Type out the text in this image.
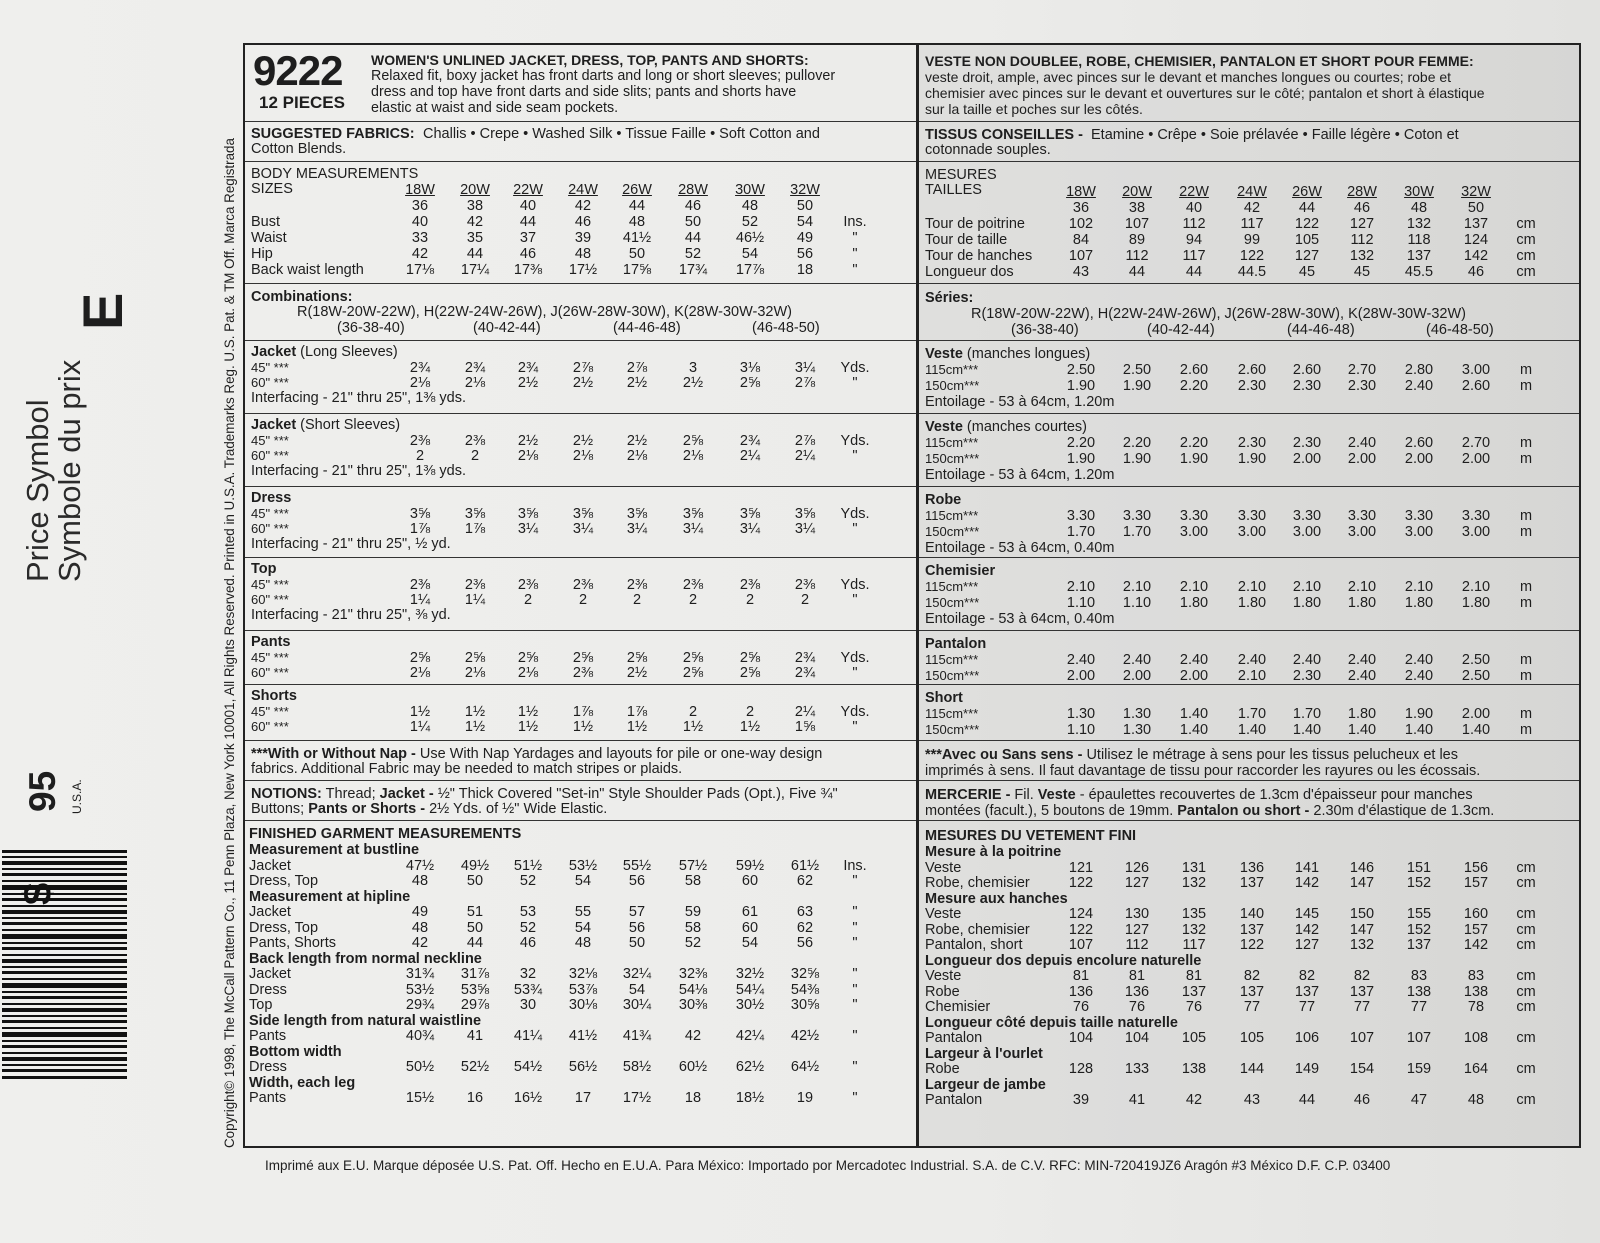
Price Symbol
Symbole du prix
E
95 U.S.A.
$	Copyright© 1998, The McCall Pattern Co., 11 Penn Plaza, New York 10001, All Rights Reserved. Printed in U.S.A. Trademarks Reg. U.S. Pat. & TM Off. Marca Registrada
9222
12 PIECES
WOMEN'S UNLINED JACKET, DRESS, TOP, PANTS AND SHORTS:
Relaxed fit, boxy jacket has front darts and long or short sleeves; pullover
dress and top have front darts and side slits; pants and shorts have
elastic at waist and side seam pockets.
SUGGESTED FABRICS: Challis • Crepe • Washed Silk • Tissue Faille • Soft Cotton and
Cotton Blends.
BODY MEASUREMENTS
SIZES	18W	20W	22W	24W	26W	28W	30W	32W
36	38	40	42	44	46	48	50
Bust	40	42	44	46	48	50	52	54	Ins.
Waist	33	35	37	39	41½	44	46½	49	"
Hip	42	44	46	48	50	52	54	56	"
Back waist length	17⅛	17¼	17⅜	17½	17⅝	17¾	17⅞	18	"
Combinations:
R(18W-20W-22W), H(22W-24W-26W), J(26W-28W-30W), K(28W-30W-32W)
(36-38-40)	(40-42-44)	(44-46-48)	(46-48-50)
Jacket (Long Sleeves)
45" ***	2¾	2¾	2¾	2⅞	2⅞	3	3⅛	3¼	Yds.
60" ***	2⅛	2⅛	2½	2½	2½	2½	2⅝	2⅞	"
Interfacing - 21" thru 25", 1⅜ yds.
Jacket (Short Sleeves)
45" ***	2⅜	2⅜	2½	2½	2½	2⅝	2¾	2⅞	Yds.
60" ***	2	2	2⅛	2⅛	2⅛	2⅛	2¼	2¼	"
Interfacing - 21" thru 25", 1⅜ yds.
Dress
45" ***	3⅝	3⅝	3⅝	3⅝	3⅝	3⅝	3⅝	3⅝	Yds.
60" ***	1⅞	1⅞	3¼	3¼	3¼	3¼	3¼	3¼	"
Interfacing - 21" thru 25", ½ yd.
Top
45" ***	2⅜	2⅜	2⅜	2⅜	2⅜	2⅜	2⅜	2⅜	Yds.
60" ***	1¼	1¼	2	2	2	2	2	2	"
Interfacing - 21" thru 25", ⅜ yd.
Pants
45" ***	2⅝	2⅝	2⅝	2⅝	2⅝	2⅝	2⅝	2¾	Yds.
60" ***	2⅛	2⅛	2⅛	2⅜	2½	2⅝	2⅝	2¾	"
Shorts
45" ***	1½	1½	1½	1⅞	1⅞	2	2	2¼	Yds.
60" ***	1¼	1½	1½	1½	1½	1½	1½	1⅝	"
***With or Without Nap - Use With Nap Yardages and layouts for pile or one-way design
fabrics. Additional Fabric may be needed to match stripes or plaids.
NOTIONS: Thread; Jacket - ½" Thick Covered "Set-in" Style Shoulder Pads (Opt.), Five ¾"
Buttons; Pants or Shorts - 2½ Yds. of ½" Wide Elastic.
FINISHED GARMENT MEASUREMENTS
Measurement at bustline
Jacket	47½	49½	51½	53½	55½	57½	59½	61½	Ins.
Dress, Top	48	50	52	54	56	58	60	62	"
Measurement at hipline
Jacket	49	51	53	55	57	59	61	63	"
Dress, Top	48	50	52	54	56	58	60	62	"
Pants, Shorts	42	44	46	48	50	52	54	56	"
Back length from normal neckline
Jacket	31¾	31⅞	32	32⅛	32¼	32⅜	32½	32⅝	"
Dress	53½	53⅝	53¾	53⅞	54	54⅛	54¼	54⅜	"
Top	29¾	29⅞	30	30⅛	30¼	30⅜	30½	30⅝	"
Side length from natural waistline
Pants	40¾	41	41¼	41½	41¾	42	42¼	42½	"
Bottom width
Dress	50½	52½	54½	56½	58½	60½	62½	64½	"
Width, each leg
Pants	15½	16	16½	17	17½	18	18½	19	"
VESTE NON DOUBLEE, ROBE, CHEMISIER, PANTALON ET SHORT POUR FEMME:
veste droit, ample, avec pinces sur le devant et manches longues ou courtes; robe et
chemisier avec pinces sur le devant et ouvertures sur le côté; pantalon et short à élastique
sur la taille et poches sur les côtés.
TISSUS CONSEILLES - Etamine • Crêpe • Soie prélavée • Faille légère • Coton et
cotonnade souples.
MESURES
TAILLES	18W	20W	22W	24W	26W	28W	30W	32W
36	38	40	42	44	46	48	50
Tour de poitrine	102	107	112	117	122	127	132	137	cm
Tour de taille	84	89	94	99	105	112	118	124	cm
Tour de hanches	107	112	117	122	127	132	137	142	cm
Longueur dos	43	44	44	44.5	45	45	45.5	46	cm
Séries:
R(18W-20W-22W), H(22W-24W-26W), J(26W-28W-30W), K(28W-30W-32W)
(36-38-40)	(40-42-44)	(44-46-48)	(46-48-50)
Veste (manches longues)
115cm***	2.50	2.50	2.60	2.60	2.60	2.70	2.80	3.00	m
150cm***	1.90	1.90	2.20	2.30	2.30	2.30	2.40	2.60	m
Entoilage - 53 à 64cm, 1.20m
Veste (manches courtes)
115cm***	2.20	2.20	2.20	2.30	2.30	2.40	2.60	2.70	m
150cm***	1.90	1.90	1.90	1.90	2.00	2.00	2.00	2.00	m
Entoilage - 53 à 64cm, 1.20m
Robe
115cm***	3.30	3.30	3.30	3.30	3.30	3.30	3.30	3.30	m
150cm***	1.70	1.70	3.00	3.00	3.00	3.00	3.00	3.00	m
Entoilage - 53 à 64cm, 0.40m
Chemisier
115cm***	2.10	2.10	2.10	2.10	2.10	2.10	2.10	2.10	m
150cm***	1.10	1.10	1.80	1.80	1.80	1.80	1.80	1.80	m
Entoilage - 53 à 64cm, 0.40m
Pantalon
115cm***	2.40	2.40	2.40	2.40	2.40	2.40	2.40	2.50	m
150cm***	2.00	2.00	2.00	2.10	2.30	2.40	2.40	2.50	m
Short
115cm***	1.30	1.30	1.40	1.70	1.70	1.80	1.90	2.00	m
150cm***	1.10	1.30	1.40	1.40	1.40	1.40	1.40	1.40	m
***Avec ou Sans sens - Utilisez le métrage à sens pour les tissus pelucheux et les
imprimés à sens. Il faut davantage de tissu pour raccorder les rayures ou les écossais.
MERCERIE - Fil. Veste - épaulettes recouvertes de 1.3cm d'épaisseur pour manches
montées (facult.), 5 boutons de 19mm. Pantalon ou short - 2.30m d'élastique de 1.3cm.
MESURES DU VETEMENT FINI
Mesure à la poitrine
Veste	121	126	131	136	141	146	151	156	cm
Robe, chemisier	122	127	132	137	142	147	152	157	cm
Mesure aux hanches
Veste	124	130	135	140	145	150	155	160	cm
Robe, chemisier	122	127	132	137	142	147	152	157	cm
Pantalon, short	107	112	117	122	127	132	137	142	cm
Longueur dos depuis encolure naturelle
Veste	81	81	81	82	82	82	83	83	cm
Robe	136	136	137	137	137	137	138	138	cm
Chemisier	76	76	76	77	77	77	77	78	cm
Longueur côté depuis taille naturelle
Pantalon	104	104	105	105	106	107	107	108	cm
Largeur à l'ourlet
Robe	128	133	138	144	149	154	159	164	cm
Largeur de jambe
Pantalon	39	41	42	43	44	46	47	48	cm
Imprimé aux E.U. Marque déposée U.S. Pat. Off. Hecho en E.U.A. Para México: Importado por Mercadotec Industrial. S.A. de C.V. RFC: MIN-720419JZ6 Aragón #3 México D.F. C.P. 03400
